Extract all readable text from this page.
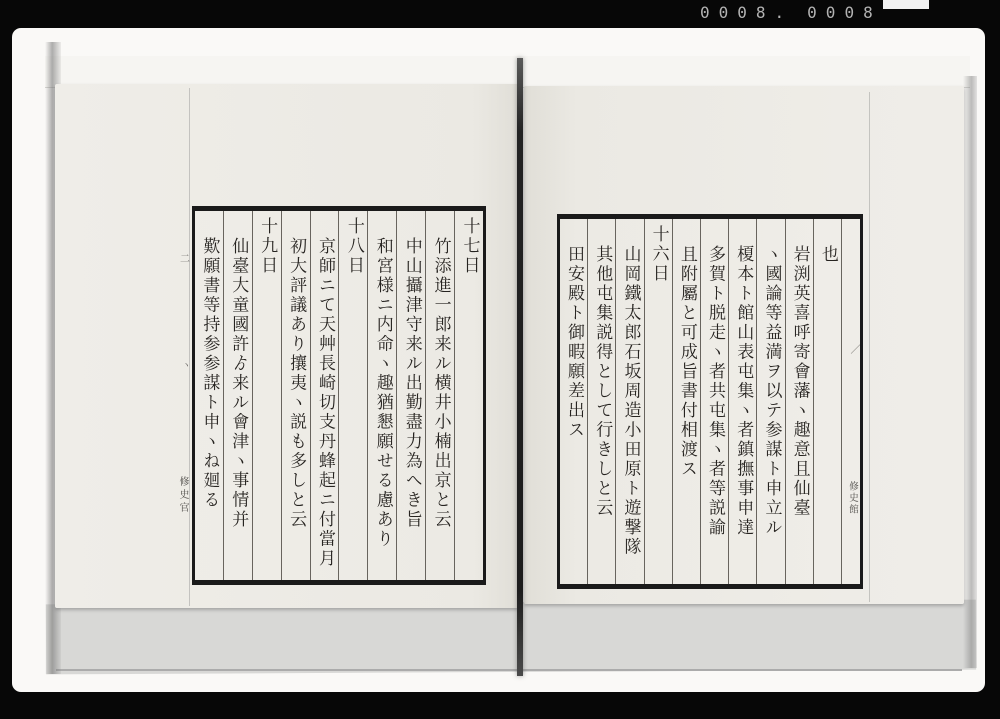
0008. 0008
／
修史館
也
岩渕英喜呼寄會藩ヽ趣意且仙臺
ヽ國論等益満ヲ以テ参謀ト申立ル
榎本ト館山表屯集ヽ者鎮撫事申達
多賀ト脱走ヽ者共屯集ヽ者等説諭
且附屬と可成旨書付相渡ス
十六日
山岡鐵太郎石坂周造小田原ト遊撃隊
其他屯集説得として行きしと云
田安殿ト御暇願差出ス
十七日
竹添進一郎来ル横井小楠出京と云
中山攝津守来ル出勤盡力為へき旨
和宮様ニ内命ヽ趣猶懇願せる慮あり
十八日
京師ニて天艸長崎切支丹蜂起ニ付當月
初大評議あり攘夷ヽ説も多しと云
十九日
仙臺大童國許ゟ来ル會津ヽ事情并
歎願書等持参参謀ト申ヽね廻る
二
ヽ
修史官
